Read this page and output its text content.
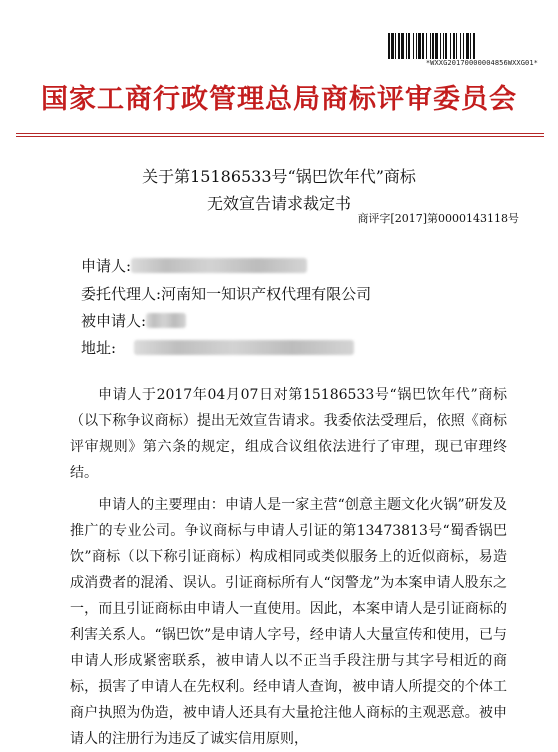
*WXXG20170000004856WXXG01*
国家工商行政管理总局商标评审委员会
关于第15186533号“锅巴饮年代”商标
无效宣告请求裁定书
商评字[2017]第0000143118号
申请人:
委托代理人: 河南知一知识产权代理有限公司
被申请人:
地址:

申请人于2017年04月07日对第15186533号“锅巴饮年代”商标（以下称争议商标）提出无效宣告请求。我委依法受理后，依照《商标评审规则》第六条的规定，组成合议组依法进行了审理，现已审理终结。

申请人的主要理由：申请人是一家主营“创意主题文化火锅”研发及推广的专业公司。争议商标与申请人引证的第13473813号“蜀香锅巴饮”商标（以下称引证商标）构成相同或类似服务上的近似商标，易造成消费者的混淆、误认。引证商标所有人“闵警龙”为本案申请人股东之一，而且引证商标由申请人一直使用。因此，本案申请人是引证商标的利害关系人。“锅巴饮”是申请人字号，经申请人大量宣传和使用，已与申请人形成紧密联系，被申请人以不正当手段注册与其字号相近的商标，损害了申请人在先权利。经申请人查询，被申请人所提交的个体工商户执照为伪造，被申请人还具有大量抢注他人商标的主观恶意。被申请人的注册行为违反了诚实信用原则，
